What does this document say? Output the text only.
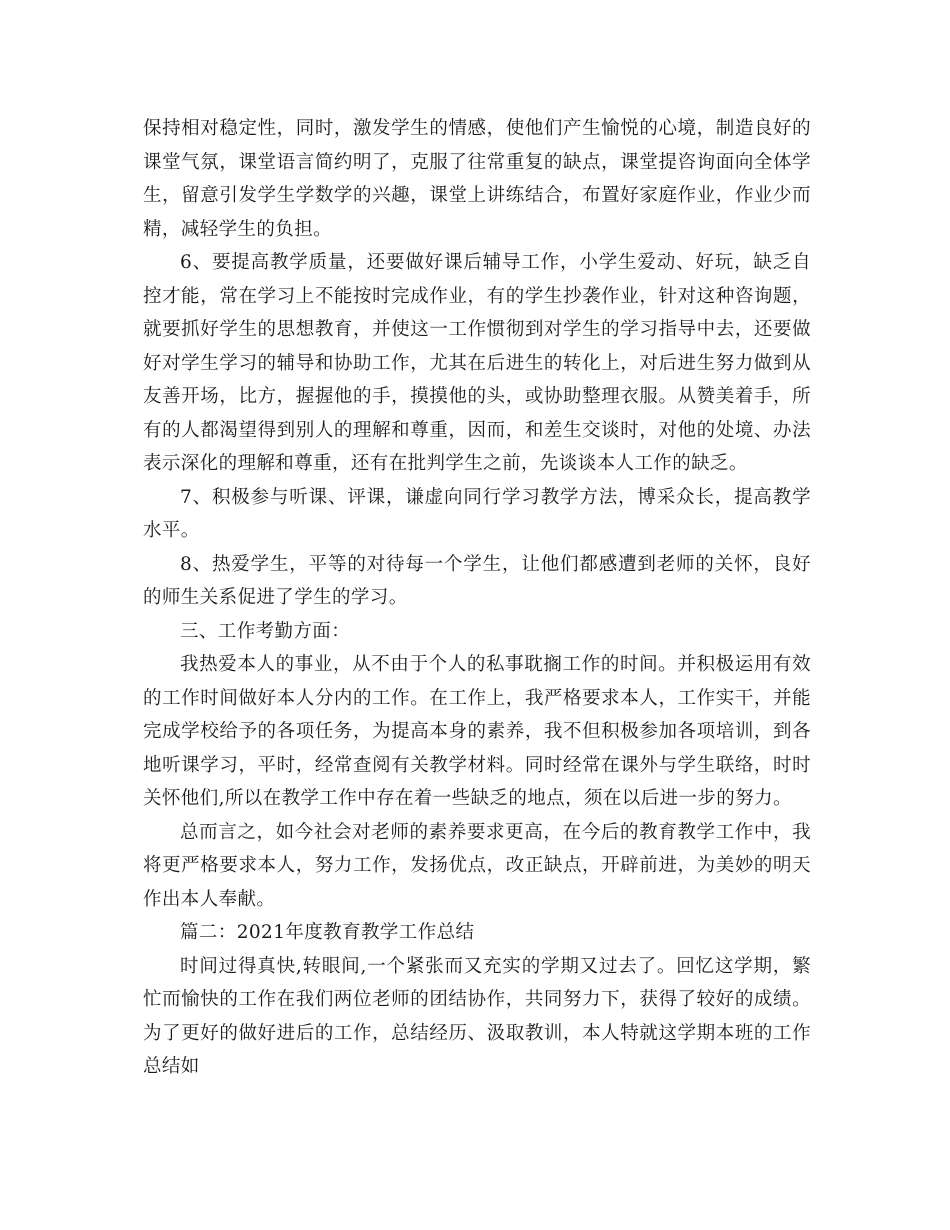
保持相对稳定性，同时，激发学生的情感，使他们产生愉悦的心境，制造良好的课堂气氛，课堂语言简约明了，克服了往常重复的缺点，课堂提咨询面向全体学生，留意引发学生学数学的兴趣，课堂上讲练结合，布置好家庭作业，作业少而精，减轻学生的负担。

6、要提高教学质量，还要做好课后辅导工作，小学生爱动、好玩，缺乏自控才能，常在学习上不能按时完成作业，有的学生抄袭作业，针对这种咨询题，就要抓好学生的思想教育，并使这一工作惯彻到对学生的学习指导中去，还要做好对学生学习的辅导和协助工作，尤其在后进生的转化上，对后进生努力做到从友善开场，比方，握握他的手，摸摸他的头，或协助整理衣服。从赞美着手，所有的人都渴望得到别人的理解和尊重，因而，和差生交谈时，对他的处境、办法表示深化的理解和尊重，还有在批判学生之前，先谈谈本人工作的缺乏。

7、积极参与听课、评课，谦虚向同行学习教学方法，博采众长，提高教学水平。

8、热爱学生，平等的对待每一个学生，让他们都感遭到老师的关怀，良好的师生关系促进了学生的学习。

三、工作考勤方面：

我热爱本人的事业，从不由于个人的私事耽搁工作的时间。并积极运用有效的工作时间做好本人分内的工作。在工作上，我严格要求本人，工作实干，并能完成学校给予的各项任务，为提高本身的素养，我不但积极参加各项培训，到各地听课学习，平时，经常查阅有关教学材料。同时经常在课外与学生联络，时时关怀他们,所以在教学工作中存在着一些缺乏的地点，须在以后进一步的努力。

总而言之，如今社会对老师的素养要求更高，在今后的教育教学工作中，我将更严格要求本人，努力工作，发扬优点，改正缺点，开辟前进，为美妙的明天作出本人奉献。

篇二：2021年度教育教学工作总结

时间过得真快,转眼间,一个紧张而又充实的学期又过去了。回忆这学期，繁忙而愉快的工作在我们两位老师的团结协作，共同努力下，获得了较好的成绩。为了更好的做好进后的工作，总结经历、汲取教训，本人特就这学期本班的工作总结如
